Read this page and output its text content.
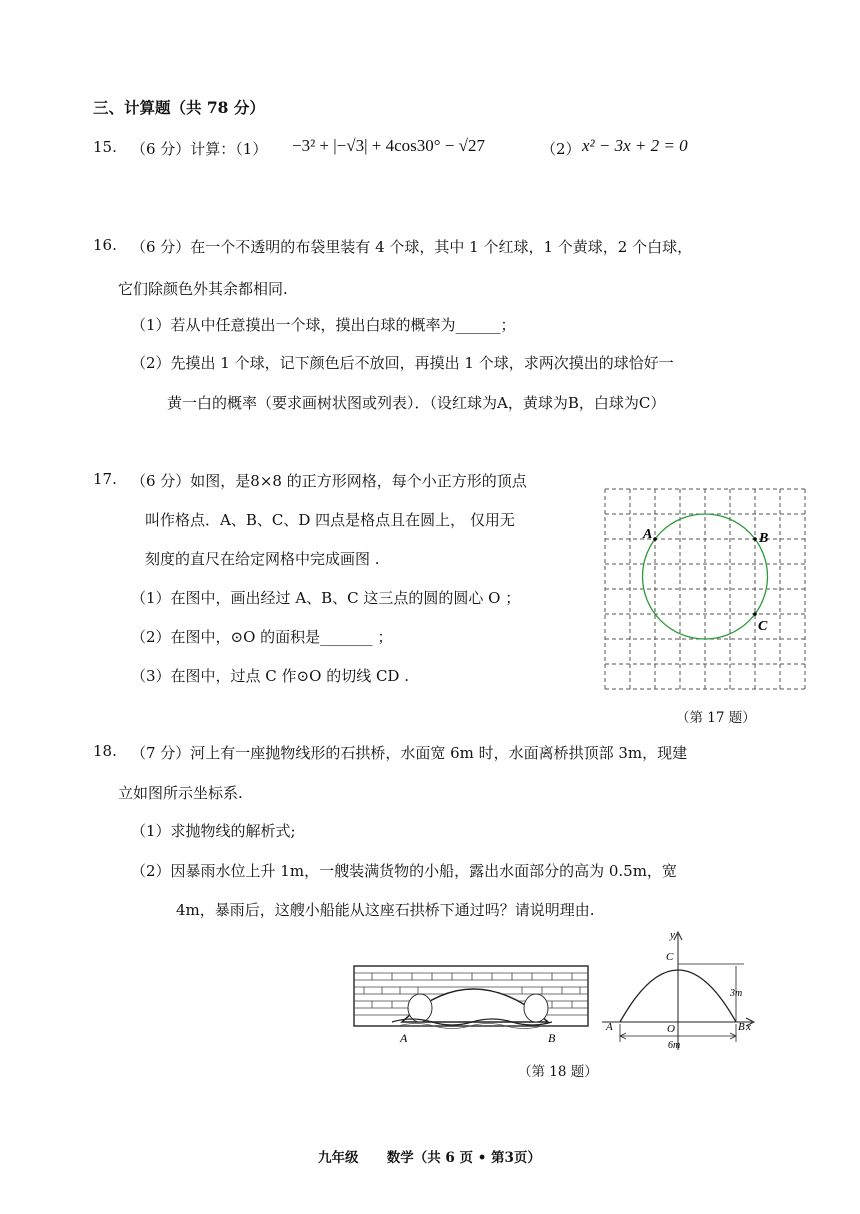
三、计算题（共 78 分）
15. （6 分）计算：（1） −3² + |−√3| + 4cos30° − √27	（2） x² − 3x + 2 = 0
16. （6 分）在一个不透明的布袋里装有 4 个球，其中 1 个红球，1 个黄球，2 个白球，
它们除颜色外其余都相同.
（1）若从中任意摸出一个球，摸出白球的概率为______；
（2）先摸出 1 个球，记下颜色后不放回，再摸出 1 个球，求两次摸出的球恰好一
黄一白的概率（要求画树状图或列表）．（设红球为A，黄球为B，白球为C）
17. （6 分）如图，是8×8 的正方形网格，每个小正方形的顶点
叫作格点．A、B、C、D 四点是格点且在圆上， 仅用无
刻度的直尺在给定网格中完成画图 .
（1）在图中，画出经过 A、B、C 这三点的圆的圆心 O ；
（2）在图中，⊙O 的面积是_______ ；
（3）在图中，过点 C 作⊙O 的切线 CD .
A	B
C
（第 17 题）
18. （7 分）河上有一座抛物线形的石拱桥，水面宽 6m 时，水面离桥拱顶部 3m，现建
立如图所示坐标系.
（1）求抛物线的解析式;
（2）因暴雨水位上升 1m，一艘装满货物的小船，露出水面部分的高为 0.5m，宽
4m，暴雨后，这艘小船能从这座石拱桥下通过吗？请说明理由.
A	B
y
x
C
A	O	B
3m
6m
（第 18 题）
九年级      数学（共 6 页 • 第3页）
